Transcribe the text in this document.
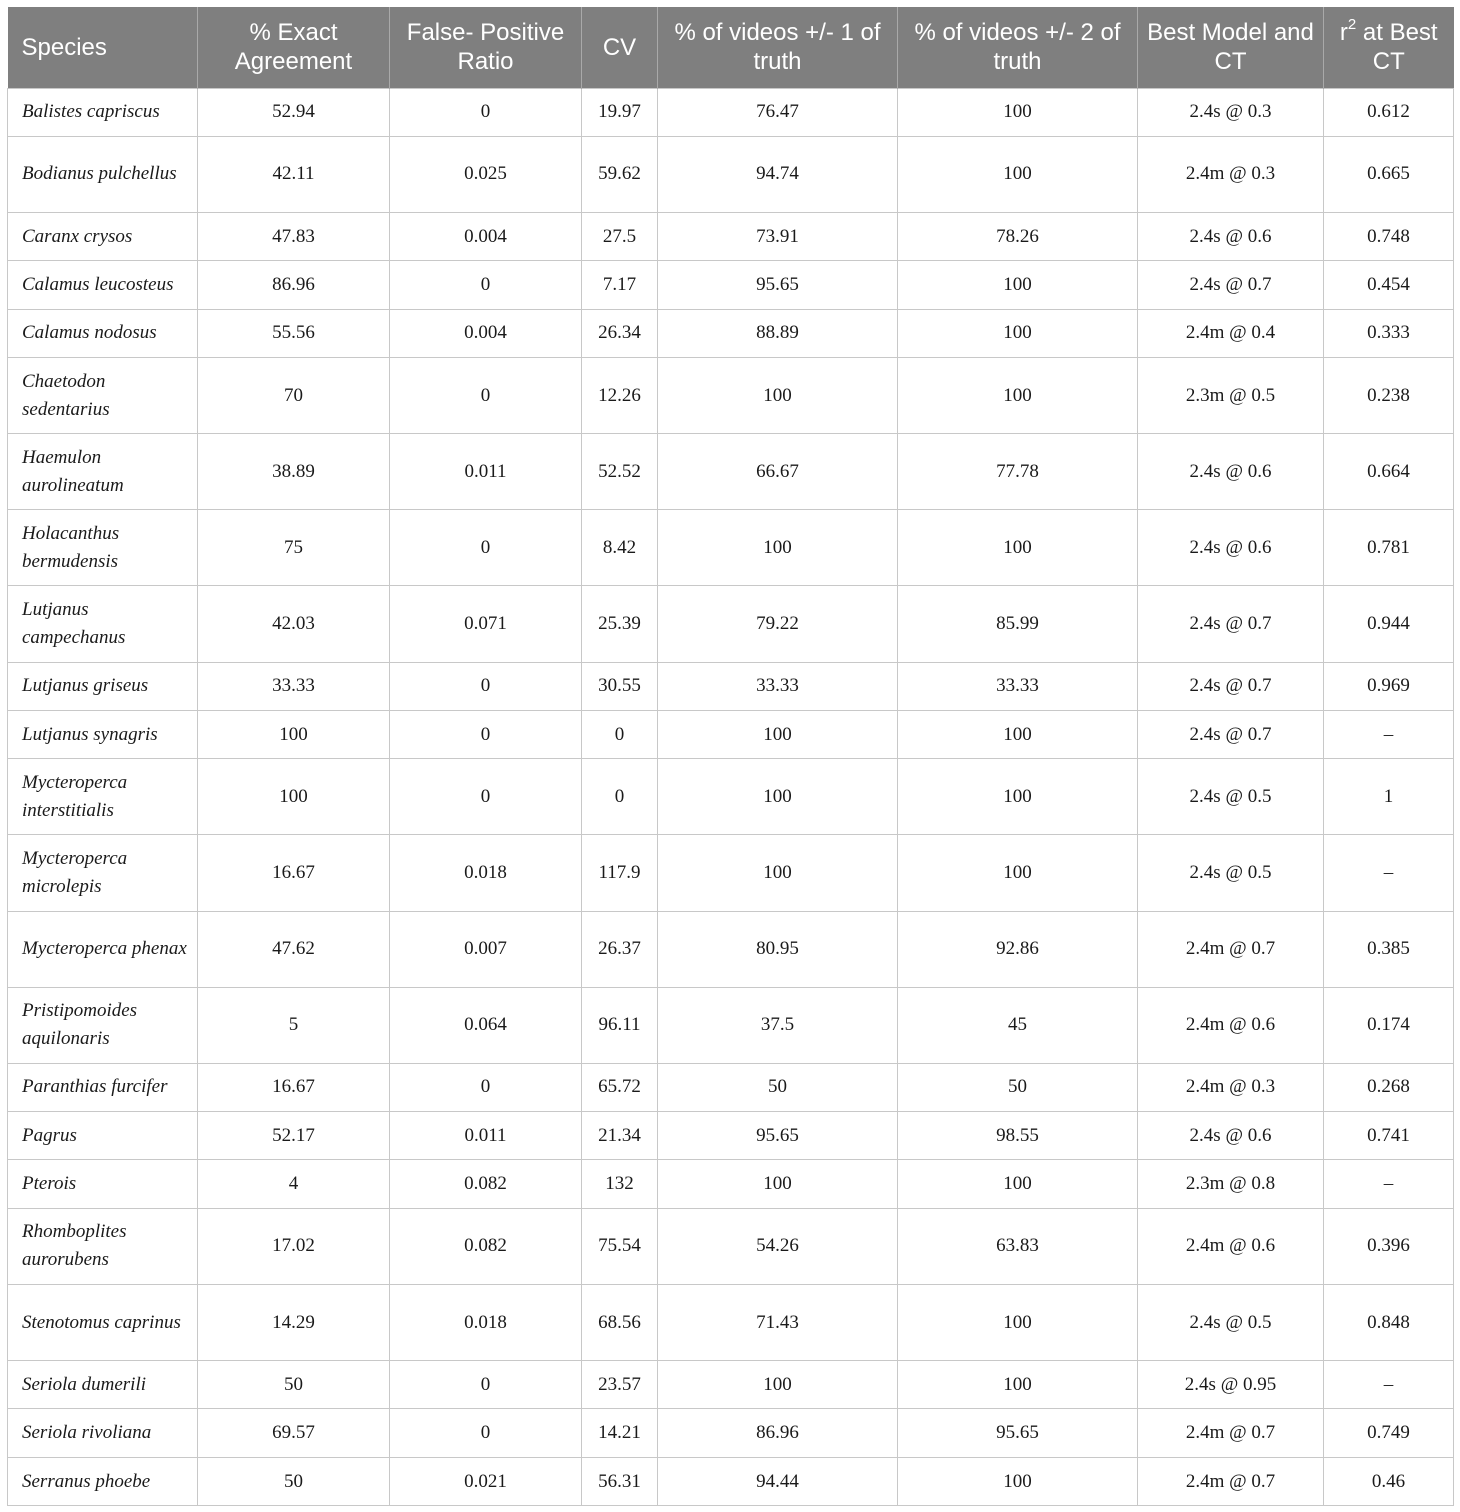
Species	% Exact Agreement	False- Positive Ratio	CV	% of videos +/- 1 of truth	% of videos +/- 2 of truth	Best Model and CT	$r^2$ at Best CT
Balistes capriscus	52.94	0	19.97	76.47	100	2.4s @ 0.3	0.612
Bodianus pulchellus	42.11	0.025	59.62	94.74	100	2.4m @ 0.3	0.665
Caranx crysos	47.83	0.004	27.5	73.91	78.26	2.4s @ 0.6	0.748
Calamus leucosteus	86.96	0	7.17	95.65	100	2.4s @ 0.7	0.454
Calamus nodosus	55.56	0.004	26.34	88.89	100	2.4m @ 0.4	0.333
Chaetodon sedentarius	70	0	12.26	100	100	2.3m @ 0.5	0.238
Haemulon aurolineatum	38.89	0.011	52.52	66.67	77.78	2.4s @ 0.6	0.664
Holacanthus bermudensis	75	0	8.42	100	100	2.4s @ 0.6	0.781
Lutjanus campechanus	42.03	0.071	25.39	79.22	85.99	2.4s @ 0.7	0.944
Lutjanus griseus	33.33	0	30.55	33.33	33.33	2.4s @ 0.7	0.969
Lutjanus synagris	100	0	0	100	100	2.4s @ 0.7	–
Mycteroperca interstitialis	100	0	0	100	100	2.4s @ 0.5	1
Mycteroperca microlepis	16.67	0.018	117.9	100	100	2.4s @ 0.5	–
Mycteroperca phenax	47.62	0.007	26.37	80.95	92.86	2.4m @ 0.7	0.385
Pristipomoides aquilonaris	5	0.064	96.11	37.5	45	2.4m @ 0.6	0.174
Paranthias furcifer	16.67	0	65.72	50	50	2.4m @ 0.3	0.268
Pagrus	52.17	0.011	21.34	95.65	98.55	2.4s @ 0.6	0.741
Pterois	4	0.082	132	100	100	2.3m @ 0.8	–
Rhomboplites aurorubens	17.02	0.082	75.54	54.26	63.83	2.4m @ 0.6	0.396
Stenotomus caprinus	14.29	0.018	68.56	71.43	100	2.4s @ 0.5	0.848
Seriola dumerili	50	0	23.57	100	100	2.4s @ 0.95	–
Seriola rivoliana	69.57	0	14.21	86.96	95.65	2.4m @ 0.7	0.749
Serranus phoebe	50	0.021	56.31	94.44	100	2.4m @ 0.7	0.46
